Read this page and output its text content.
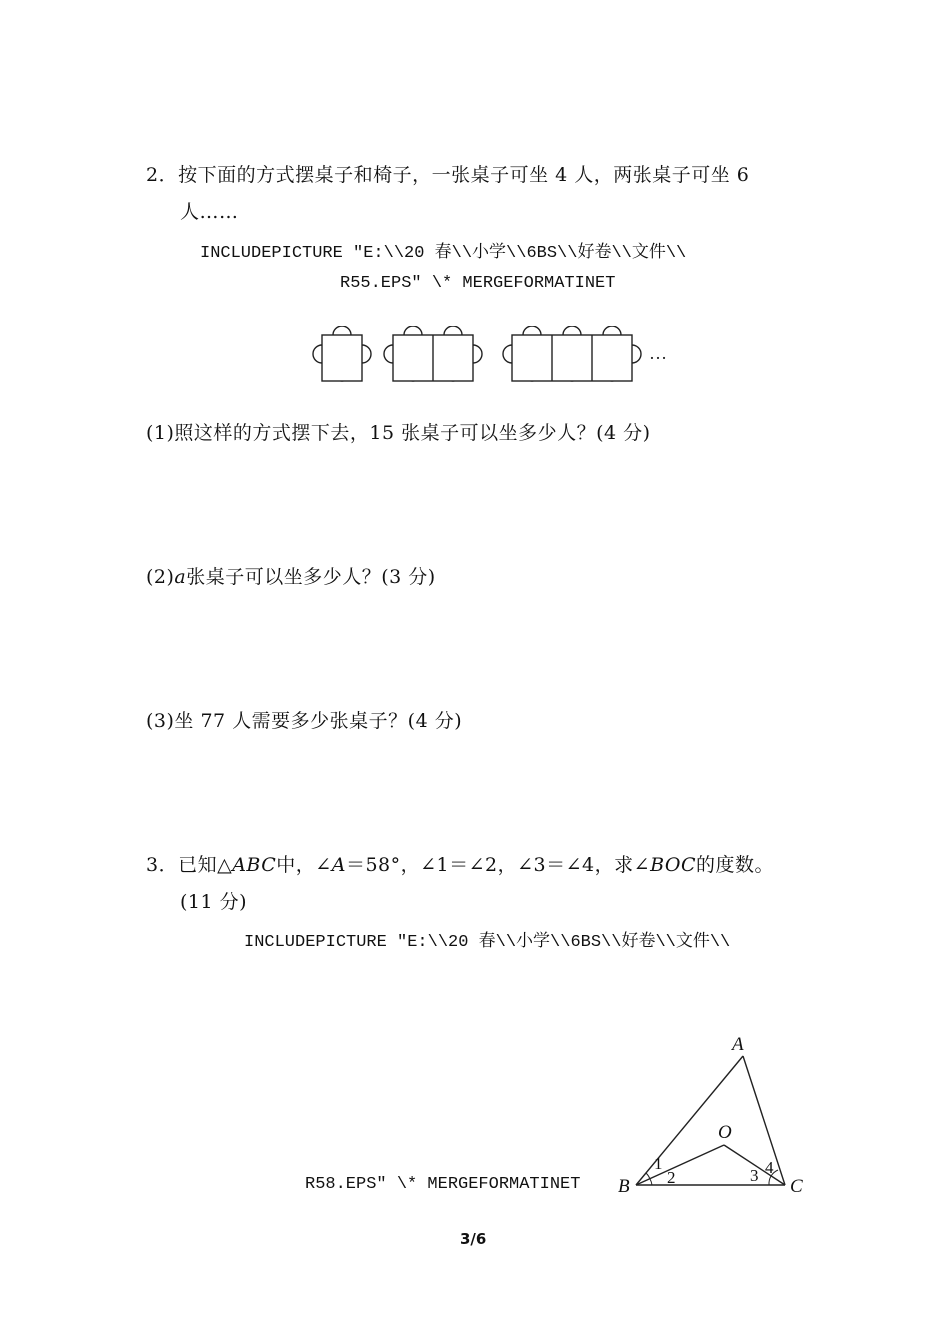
2．按下面的方式摆桌子和椅子，一张桌子可坐 4 人，两张桌子可坐 6
人……
INCLUDEPICTURE "E:\\20 春\\小学\\6BS\\好卷\\文件\\
R55.EPS" \* MERGEFORMATINET
…
(1)照这样的方式摆下去，15 张桌子可以坐多少人？(4 分)
(2)a张桌子可以坐多少人？(3 分)
(3)坐 77 人需要多少张桌子？(4 分)
3．已知△ABC中，∠A＝58°，∠1＝∠2，∠3＝∠4，求∠BOC的度数。
(11 分)
INCLUDEPICTURE "E:\\20 春\\小学\\6BS\\好卷\\文件\\
R58.EPS" \* MERGEFORMATINET
A
B	C
O
1
2	3 4
3/6
